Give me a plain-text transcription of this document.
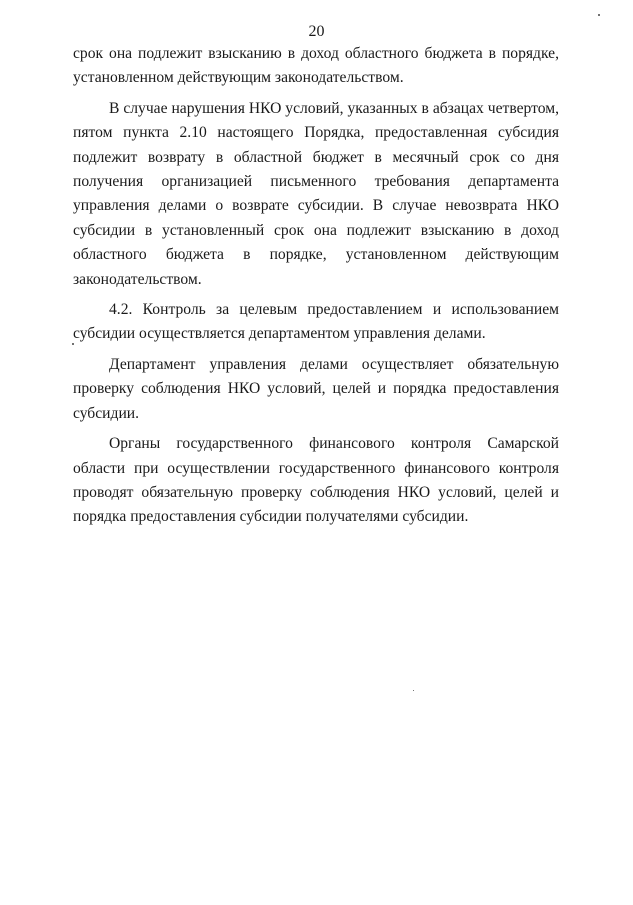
20

срок она подлежит взысканию в доход областного бюджета в порядке, установленном действующим законодательством.

В случае нарушения НКО условий, указанных в абзацах четвертом, пятом пункта 2.10 настоящего Порядка, предоставленная субсидия подлежит возврату в областной бюджет в месячный срок со дня получения организацией письменного требования департамента управления делами о возврате субсидии. В случае невозврата НКО субсидии в установленный срок она подлежит взысканию в доход областного бюджета в порядке, установленном действующим законодательством.

4.2. Контроль за целевым предоставлением и использованием субсидии осуществляется департаментом управления делами.

Департамент управления делами осуществляет обязательную проверку соблюдения НКО условий, целей и порядка предоставления субсидии.

Органы государственного финансового контроля Самарской области при осуществлении государственного финансового контроля проводят обязательную проверку соблюдения НКО условий, целей и порядка предоставления субсидии получателями субсидии.
